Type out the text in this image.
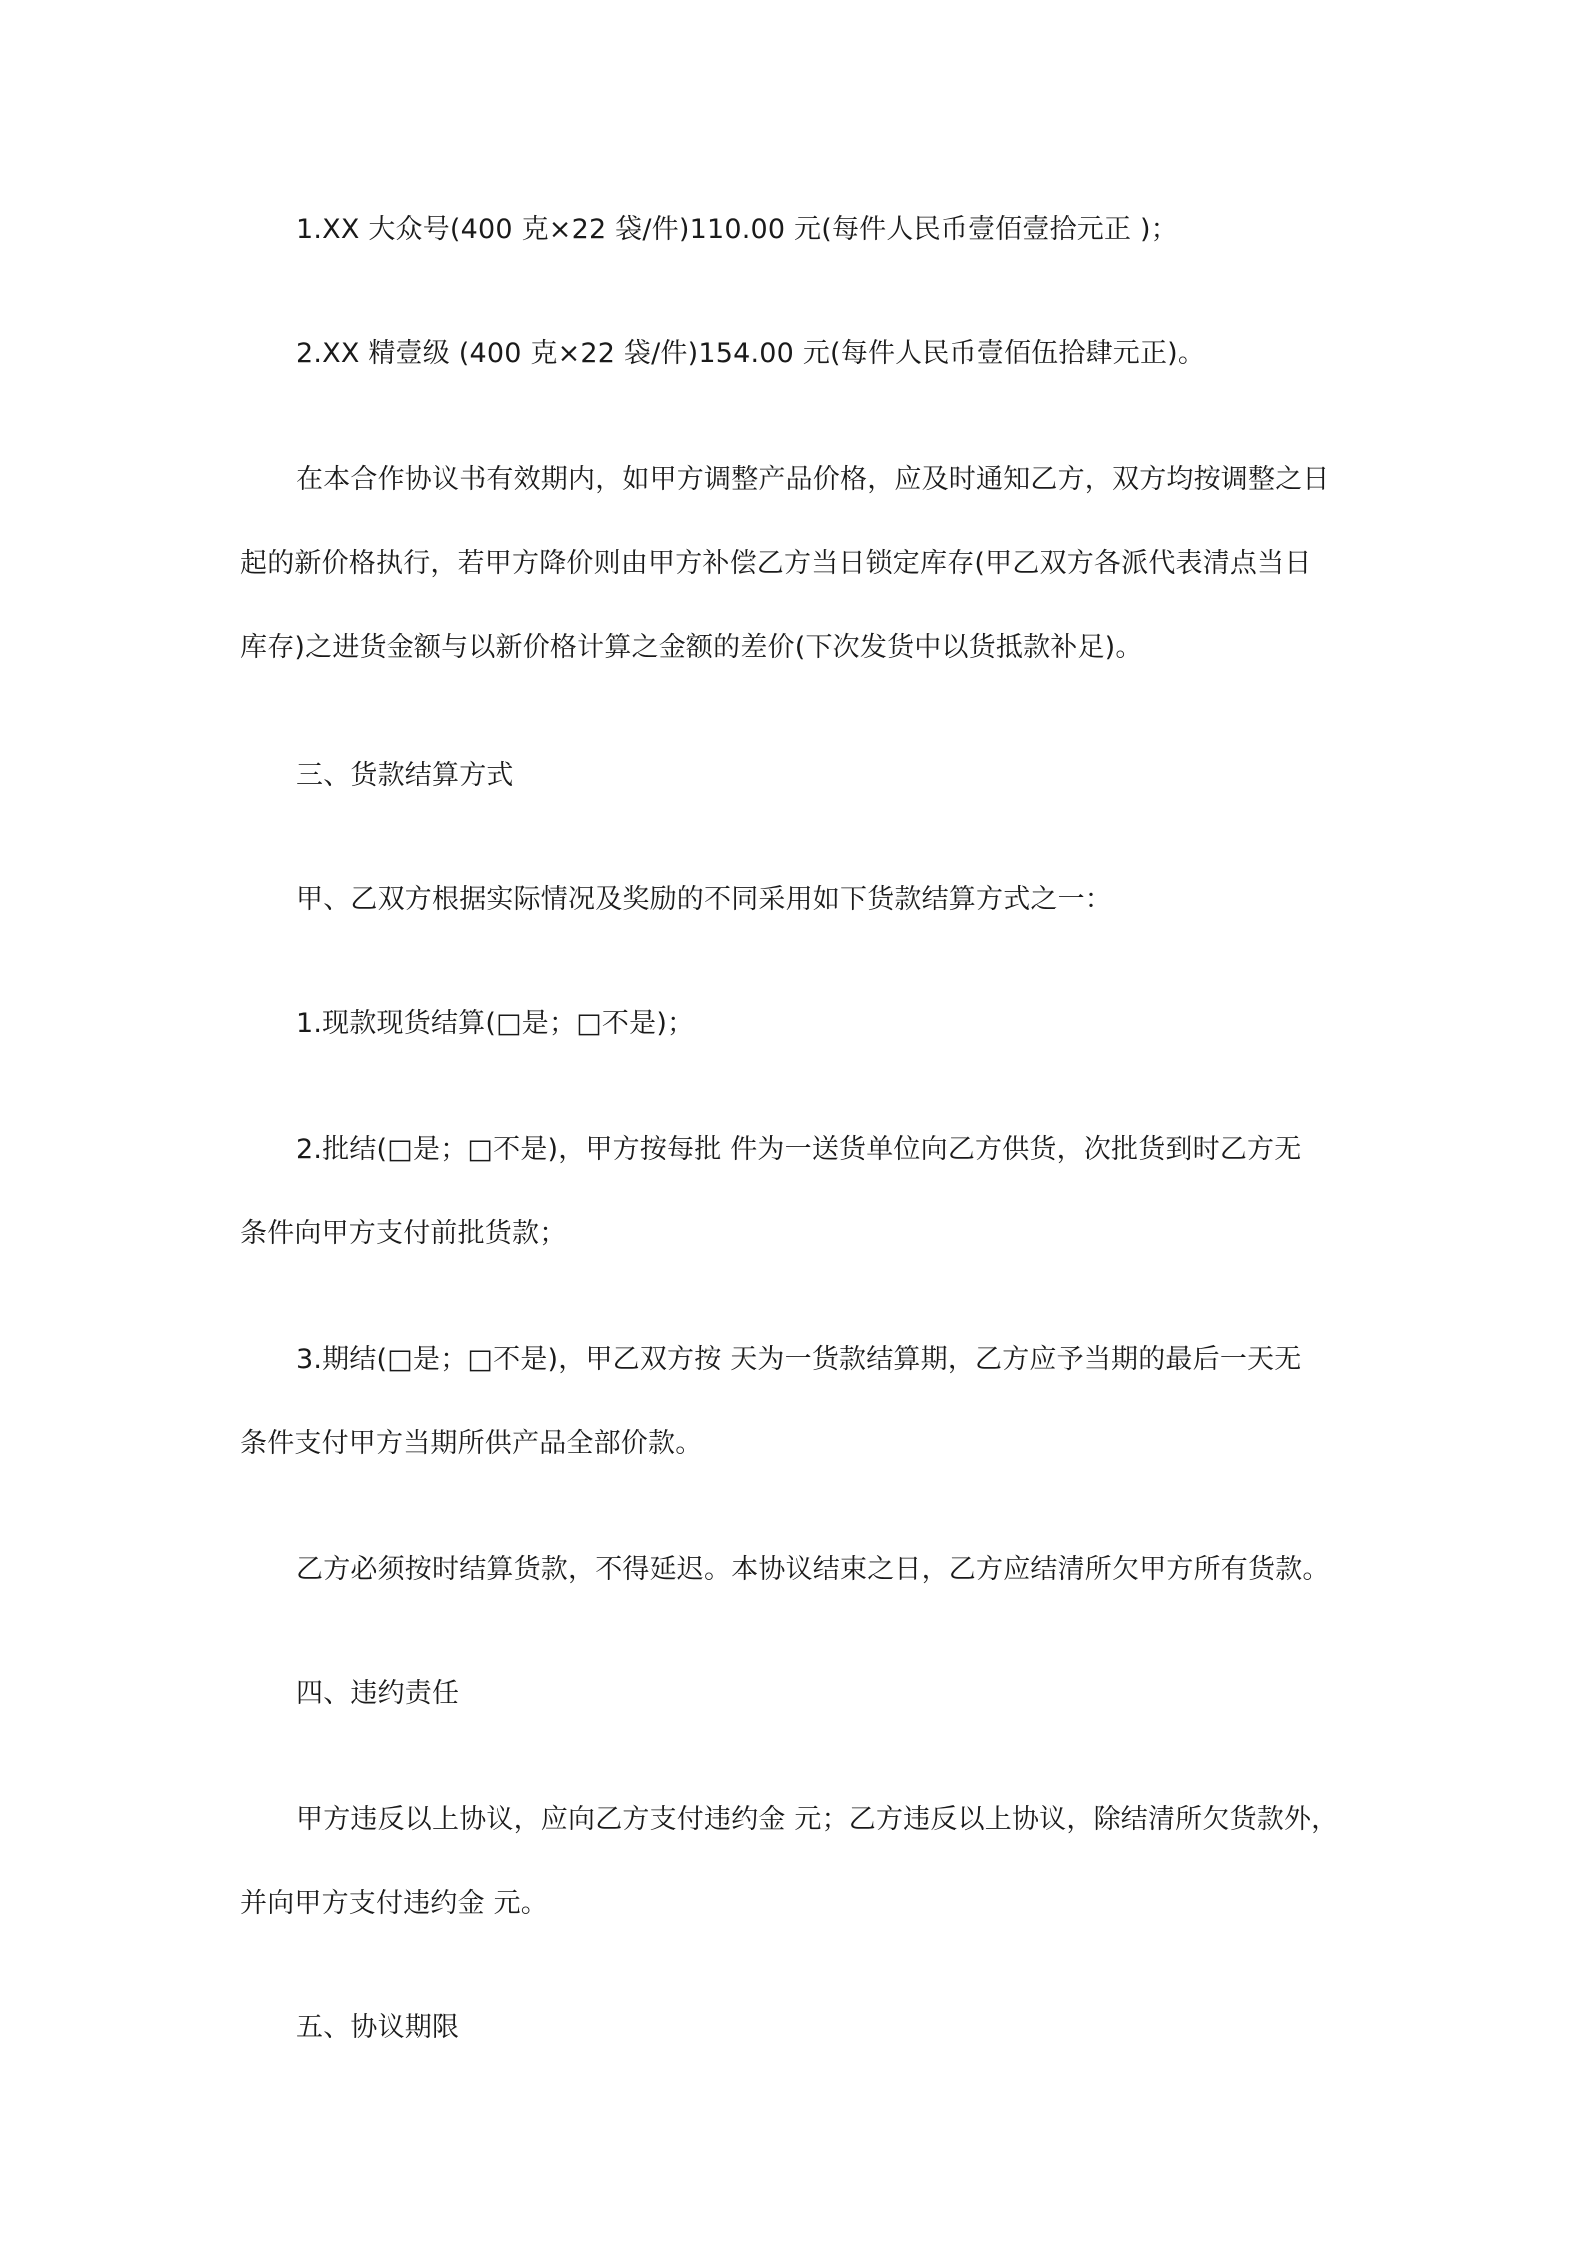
1.XX 大众号(400 克×22 袋/件)110.00 元(每件人民币壹佰壹拾元正 )；
2.XX 精壹级 (400 克×22 袋/件)154.00 元(每件人民币壹佰伍拾肆元正)。
在本合作协议书有效期内，如甲方调整产品价格，应及时通知乙方，双方均按调整之日
起的新价格执行，若甲方降价则由甲方补偿乙方当日锁定库存(甲乙双方各派代表清点当日
库存)之进货金额与以新价格计算之金额的差价(下次发货中以货抵款补足)。
三、货款结算方式
甲、乙双方根据实际情况及奖励的不同采用如下货款结算方式之一：
1.现款现货结算(□是；□不是)；
2.批结(□是；□不是)，甲方按每批 件为一送货单位向乙方供货，次批货到时乙方无
条件向甲方支付前批货款；
3.期结(□是；□不是)，甲乙双方按 天为一货款结算期，乙方应予当期的最后一天无
条件支付甲方当期所供产品全部价款。
乙方必须按时结算货款，不得延迟。本协议结束之日，乙方应结清所欠甲方所有货款。
四、违约责任
甲方违反以上协议，应向乙方支付违约金 元；乙方违反以上协议，除结清所欠货款外，
并向甲方支付违约金 元。
五、协议期限
